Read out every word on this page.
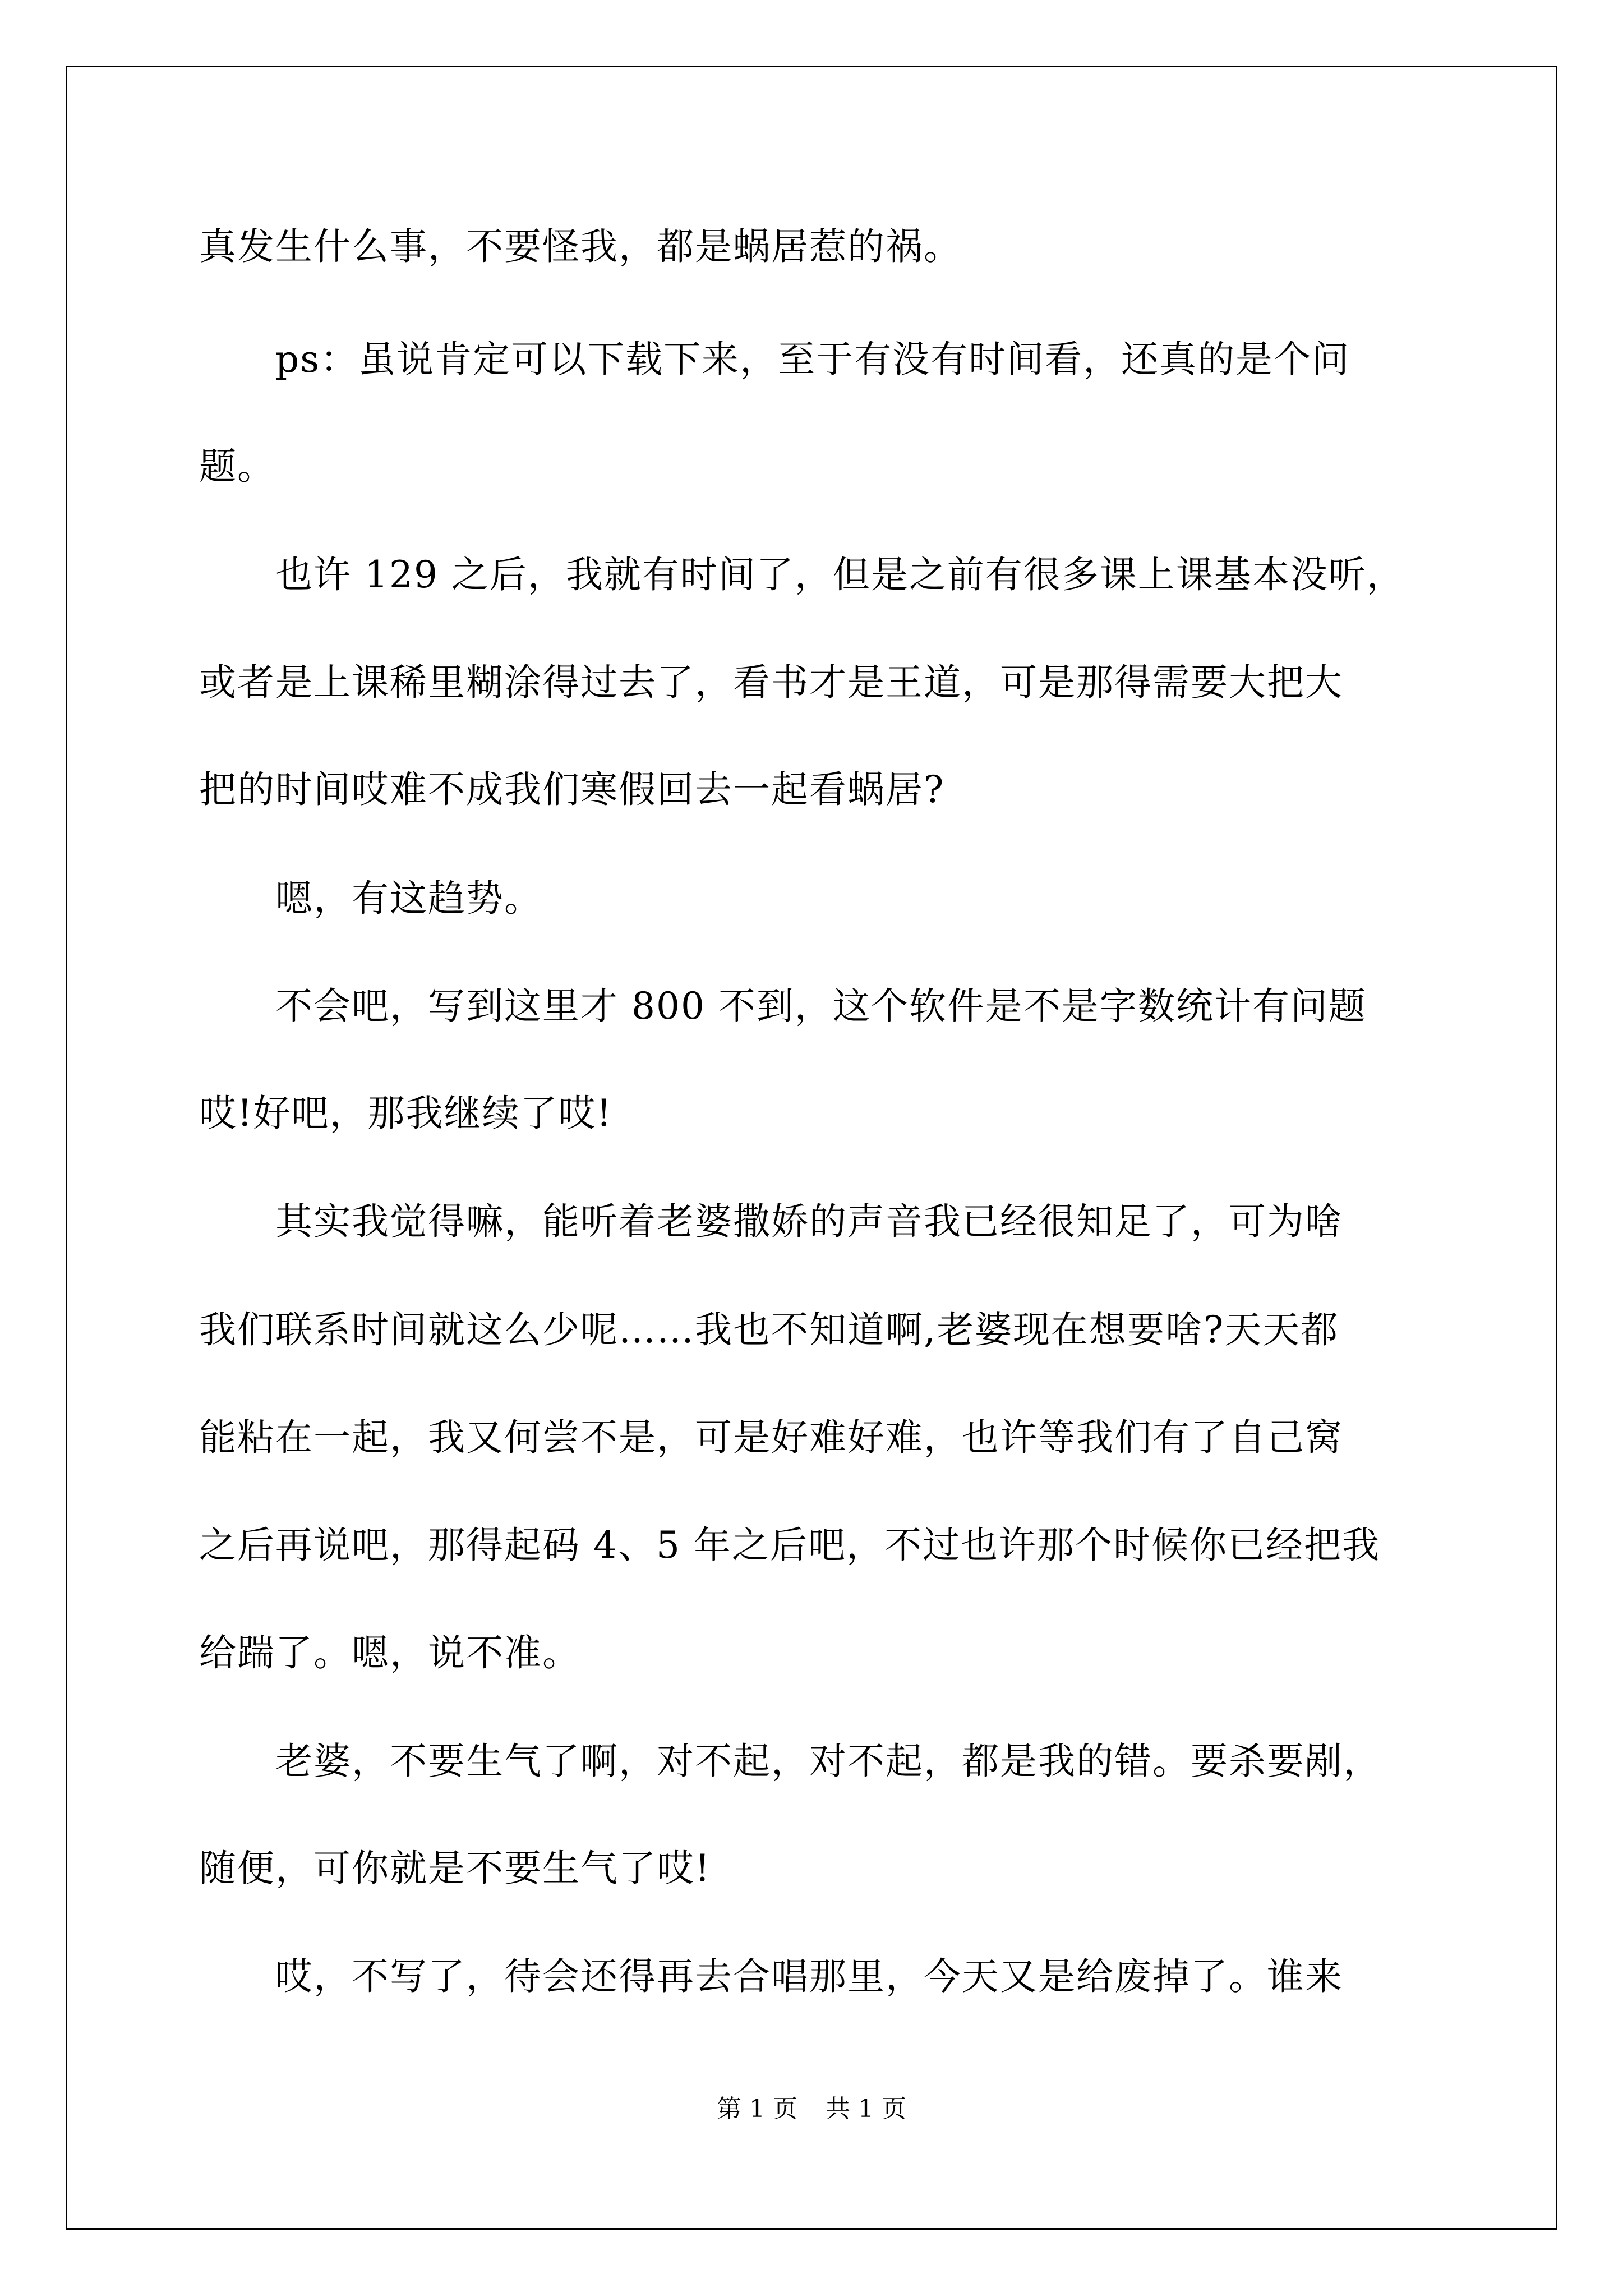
真发生什么事，不要怪我，都是蜗居惹的祸。
　　ps：虽说肯定可以下载下来，至于有没有时间看，还真的是个问
题。
　　也许 129 之后，我就有时间了，但是之前有很多课上课基本没听，
或者是上课稀里糊涂得过去了，看书才是王道，可是那得需要大把大
把的时间哎难不成我们寒假回去一起看蜗居?
　　嗯，有这趋势。
　　不会吧，写到这里才 800 不到，这个软件是不是字数统计有问题
哎!好吧，那我继续了哎!
　　其实我觉得嘛，能听着老婆撒娇的声音我已经很知足了，可为啥
我们联系时间就这么少呢……我也不知道啊,老婆现在想要啥?天天都
能粘在一起，我又何尝不是，可是好难好难，也许等我们有了自己窝
之后再说吧，那得起码 4、5 年之后吧，不过也许那个时候你已经把我
给踹了。嗯，说不准。
　　老婆，不要生气了啊，对不起，对不起，都是我的错。要杀要剐，
随便，可你就是不要生气了哎!
　　哎，不写了，待会还得再去合唱那里，今天又是给废掉了。谁来
第 1 页 共 1 页
